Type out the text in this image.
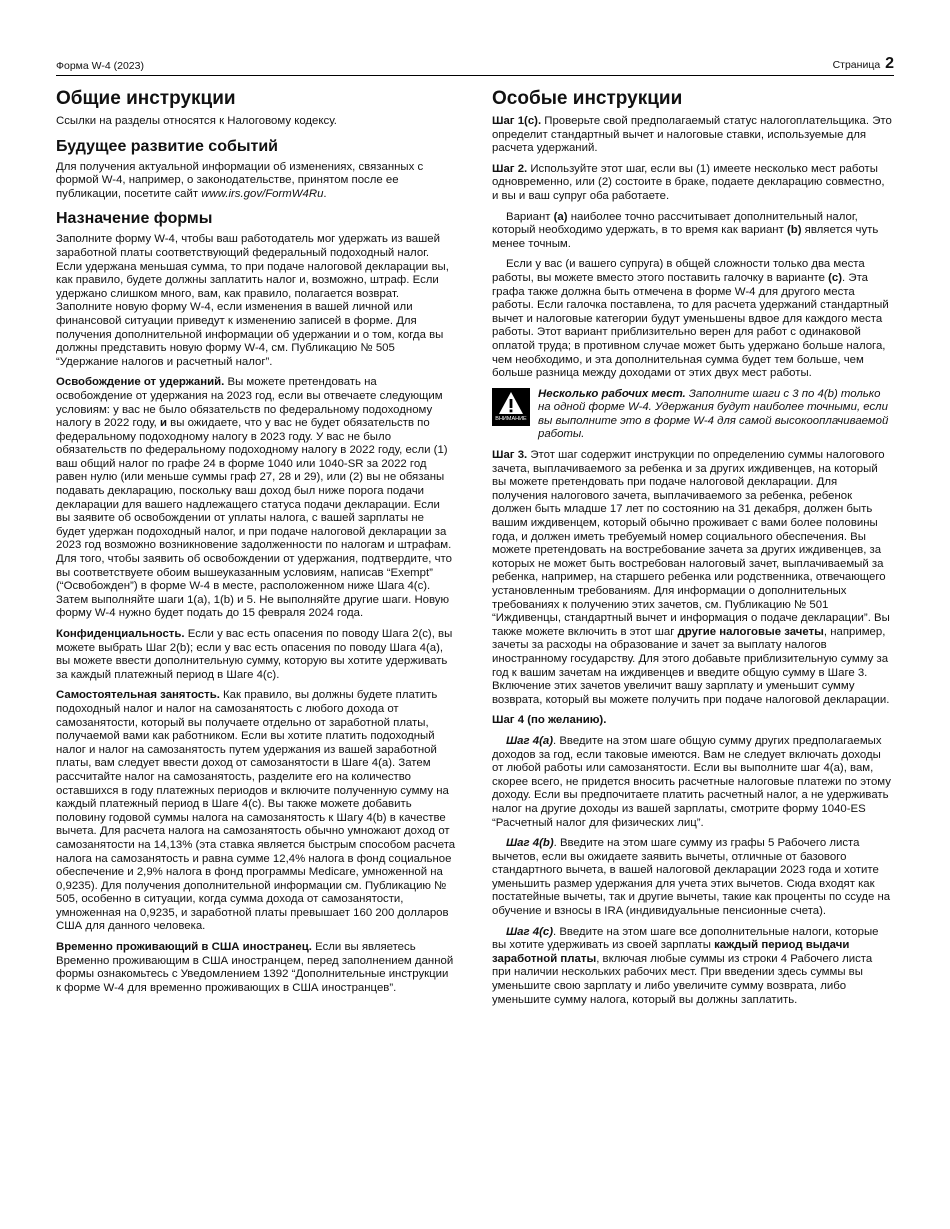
Форма W-4 (2023)	Страница 2
Общие инструкции

Ссылки на разделы относятся к Налоговому кодексу.

Будущее развитие событий

Для получения актуальной информации об изменениях, связанных с формой W-4, например, о законодательстве, принятом после ее публикации, посетите сайт www.irs.gov/FormW4Ru.

Назначение формы

Заполните форму W-4, чтобы ваш работодатель мог удержать из вашей заработной платы соответствующий федеральный подоходный налог. Если удержана меньшая сумма, то при подаче налоговой декларации вы, как правило, будете должны заплатить налог и, возможно, штраф. Если удержано слишком много, вам, как правило, полагается возврат. Заполните новую форму W-4, если изменения в вашей личной или финансовой ситуации приведут к изменению записей в форме. Для получения дополнительной информации об удержании и о том, когда вы должны представить новую форму W-4, см. Публикацию № 505 “Удержание налогов и расчетный налог”.

Освобождение от удержаний. Вы можете претендовать на освобождение от удержания на 2023 год, если вы отвечаете следующим условиям: у вас не было обязательств по федеральному подоходному налогу в 2022 году, и вы ожидаете, что у вас не будет обязательств по федеральному подоходному налогу в 2023 году. У вас не было обязательств по федеральному подоходному налогу в 2022 году, если (1) ваш общий налог по графе 24 в форме 1040 или 1040-SR за 2022 год равен нулю (или меньше суммы граф 27, 28 и 29), или (2) вы не обязаны подавать декларацию, поскольку ваш доход был ниже порога подачи декларации для вашего надлежащего статуса подачи декларации. Если вы заявите об освобождении от уплаты налога, с вашей зарплаты не будет удержан подоходный налог, и при подаче налоговой декларации за 2023 год возможно возникновение задолженности по налогам и штрафам. Для того, чтобы заявить об освобождении от удержания, подтвердите, что вы соответствуете обоим вышеуказанным условиям, написав “Exempt” (“Освобожден”) в форме W-4 в месте, расположенном ниже Шага 4(c). Затем выполняйте шаги 1(a), 1(b) и 5. Не выполняйте другие шаги. Новую форму W-4 нужно будет подать до 15 февраля 2024 года.

Конфиденциальность. Если у вас есть опасения по поводу Шага 2(c), вы можете выбрать Шаг 2(b); если у вас есть опасения по поводу Шага 4(a), вы можете ввести дополнительную сумму, которую вы хотите удерживать за каждый платежный период в Шаге 4(c).

Самостоятельная занятость. Как правило, вы должны будете платить подоходный налог и налог на самозанятость с любого дохода от самозанятости, который вы получаете отдельно от заработной платы, получаемой вами как работником. Если вы хотите платить подоходный налог и налог на самозанятость путем удержания из вашей заработной платы, вам следует ввести доход от самозанятости в Шаге 4(a). Затем рассчитайте налог на самозанятость, разделите его на количество оставшихся в году платежных периодов и включите полученную сумму на каждый платежный период в Шаге 4(c). Вы также можете добавить половину годовой суммы налога на самозанятость к Шагу 4(b) в качестве вычета. Для расчета налога на самозанятость обычно умножают доход от самозанятости на 14,13% (эта ставка является быстрым способом расчета налога на самозанятость и равна сумме 12,4% налога в фонд социальное обеспечение и 2,9% налога в фонд программы Medicare, умноженной на 0,9235). Для получения дополнительной информации см. Публикацию № 505, особенно в ситуации, когда сумма дохода от самозанятости, умноженная на 0,9235, и заработной платы превышает 160 200 долларов США для данного человека.

Временно проживающий в США иностранец. Если вы являетесь Временно проживающим в США иностранцем, перед заполнением данной формы ознакомьтесь с Уведомлением 1392 “Дополнительные инструкции к форме W-4 для временно проживающих в США иностранцев”.

Особые инструкции

Шаг 1(c). Проверьте свой предполагаемый статус налогоплательщика. Это определит стандартный вычет и налоговые ставки, используемые для расчета удержаний.

Шаг 2. Используйте этот шаг, если вы (1) имеете несколько мест работы одновременно, или (2) состоите в браке, подаете декларацию совместно, и вы и ваш супруг оба работаете.

Вариант (a) наиболее точно рассчитывает дополнительный налог, который необходимо удержать, в то время как вариант (b) является чуть менее точным.

Если у вас (и вашего супруга) в общей сложности только два места работы, вы можете вместо этого поставить галочку в варианте (c). Эта графа также должна быть отмечена в форме W-4 для другого места работы. Если галочка поставлена, то для расчета удержаний стандартный вычет и налоговые категории будут уменьшены вдвое для каждого места работы. Этот вариант приблизительно верен для работ с одинаковой оплатой труда; в противном случае может быть удержано больше налога, чем необходимо, и эта дополнительная сумма будет тем больше, чем больше разница между доходами от этих двух мест работы.

ВНИМАНИЕ
Несколько рабочих мест. Заполните шаги с 3 по 4(b) только на одной форме W-4. Удержания будут наиболее точными, если вы выполните это в форме W-4 для самой высокооплачиваемой работы.

Шаг 3. Этот шаг содержит инструкции по определению суммы налогового зачета, выплачиваемого за ребенка и за других иждивенцев, на который вы можете претендовать при подаче налоговой декларации. Для получения налогового зачета, выплачиваемого за ребенка, ребенок должен быть младше 17 лет по состоянию на 31 декабря, должен быть вашим иждивенцем, который обычно проживает с вами более половины года, и должен иметь требуемый номер социального обеспечения. Вы можете претендовать на востребование зачета за других иждивенцев, за которых не может быть востребован налоговый зачет, выплачиваемый за ребенка, например, на старшего ребенка или родственника, отвечающего установленным требованиям. Для информации о дополнительных требованиях к получению этих зачетов, см. Публикацию № 501 “Иждивенцы, стандартный вычет и информация о подаче декларации”. Вы также можете включить в этот шаг другие налоговые зачеты, например, зачеты за расходы на образование и зачет за выплату налогов иностранному государству. Для этого добавьте приблизительную сумму за год к вашим зачетам на иждивенцев и введите общую сумму в Шаге 3. Включение этих зачетов увеличит вашу зарплату и уменьшит сумму возврата, который вы можете получить при подаче налоговой декларации.

Шаг 4 (по желанию).

Шаг 4(a). Введите на этом шаге общую сумму других предполагаемых доходов за год, если таковые имеются. Вам не следует включать доходы от любой работы или самозанятости. Если вы выполните шаг 4(a), вам, скорее всего, не придется вносить расчетные налоговые платежи по этому доходу. Если вы предпочитаете платить расчетный налог, а не удерживать налог на другие доходы из вашей зарплаты, смотрите форму 1040-ES “Расчетный налог для физических лиц”.

Шаг 4(b). Введите на этом шаге сумму из графы 5 Рабочего листа вычетов, если вы ожидаете заявить вычеты, отличные от базового стандартного вычета, в вашей налоговой декларации 2023 года и хотите уменьшить размер удержания для учета этих вычетов. Сюда входят как постатейные вычеты, так и другие вычеты, такие как проценты по ссуде на обучение и взносы в IRA (индивидуальные пенсионные счета).

Шаг 4(c). Введите на этом шаге все дополнительные налоги, которые вы хотите удерживать из своей зарплаты каждый период выдачи заработной платы, включая любые суммы из строки 4 Рабочего листа при наличии нескольких рабочих мест. При введении здесь суммы вы уменьшите свою зарплату и либо увеличите сумму возврата, либо уменьшите сумму налога, который вы должны заплатить.
